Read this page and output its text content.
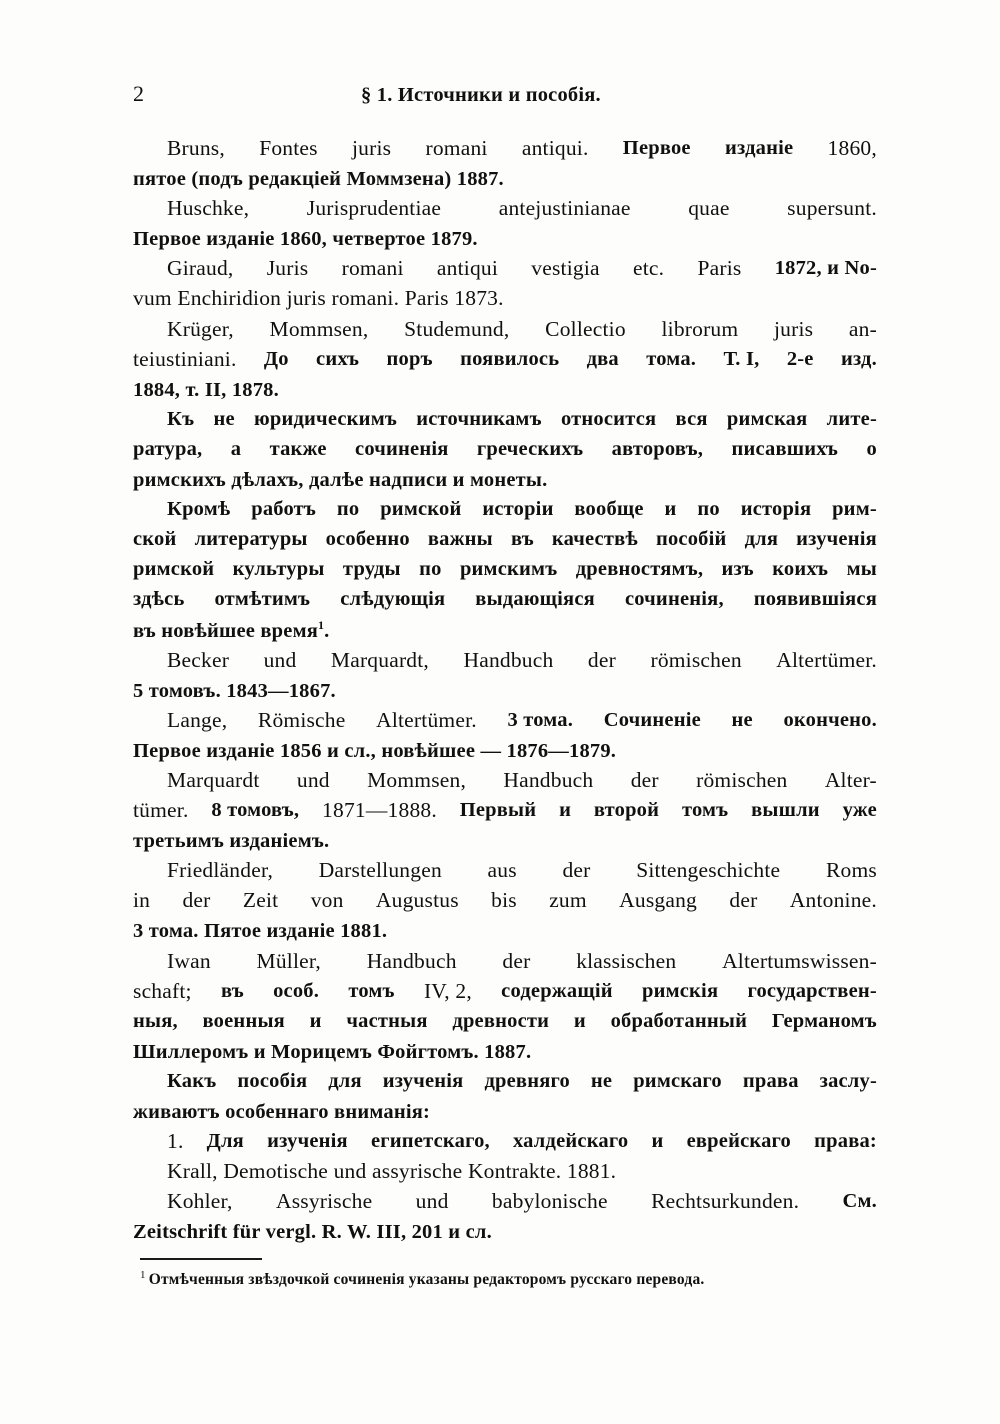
2	§ 1. Источники и пособія.
Bruns, Fontes juris romani antiqui. Первое изданіе 1860,
пятое (подъ редакціей Моммзена) 1887.
Huschke,	Jurisprudentiae	antejustinianae	quae	supersunt.
Первое изданіе 1860, четвертое 1879.
Giraud, Juris romani antiqui vestigia etc. Paris 1872, и No-
vum Enchiridion juris romani. Paris 1873.
Krüger, Mommsen, Studemund, Collectio librorum juris an-
teiustiniani. До сихъ поръ появилось два тома. Т. I, 2-е изд.
1884, т. II, 1878.
Къ не юридическимъ источникамъ относится вся римская лите-
ратура, а также сочиненія греческихъ авторовъ, писавшихъ о
римскихъ дѣлахъ, далѣе надписи и монеты.
Кромѣ работъ по римской исторіи вообще и по исторія рим-
ской литературы особенно важны въ качествѣ пособій для изученія
римской культуры труды по римскимъ древностямъ, изъ коихъ мы
здѣсь отмѣтимъ слѣдующія выдающіяся сочиненія, появившіяся
въ новѣйшее время$^1$.
Becker und Marquardt, Handbuch der römischen Altertümer.
5 томовъ. 1843—1867.
Lange, Römische Altertümer. 3 тома. Сочиненіе не окончено.
Первое изданіе 1856 и сл., новѣйшее — 1876—1879.
Marquardt und Mommsen, Handbuch der römischen Alter-
tümer. 8 томовъ, 1871—1888. Первый и второй томъ вышли уже
третьимъ изданіемъ.
Friedländer, Darstellungen aus der Sittengeschichte Roms
in der Zeit von Augustus bis zum Ausgang der Antonine.
3 тома. Пятое изданіе 1881.
Iwan Müller, Handbuch der klassischen Altertumswissen-
schaft; въ особ. томъ IV, 2, содержащій римскія государствен-
ныя, военныя и частныя древности и обработанный Германомъ
Шиллеромъ и Морицемъ Фойгтомъ. 1887.
Какъ пособія для изученія древняго не римскаго права заслу-
живаютъ особеннаго вниманія:
1. Для изученія египетскаго, халдейскаго и еврейскаго права:
Krall, Demotische und assyrische Kontrakte. 1881.
Kohler, Assyrische und babylonische Rechtsurkunden. См.
Zeitschrift für vergl. R. W. III, 201 и сл.
$^1$ Отмѣченныя звѣздочкой сочиненія указаны редакторомъ русскаго перевода.
